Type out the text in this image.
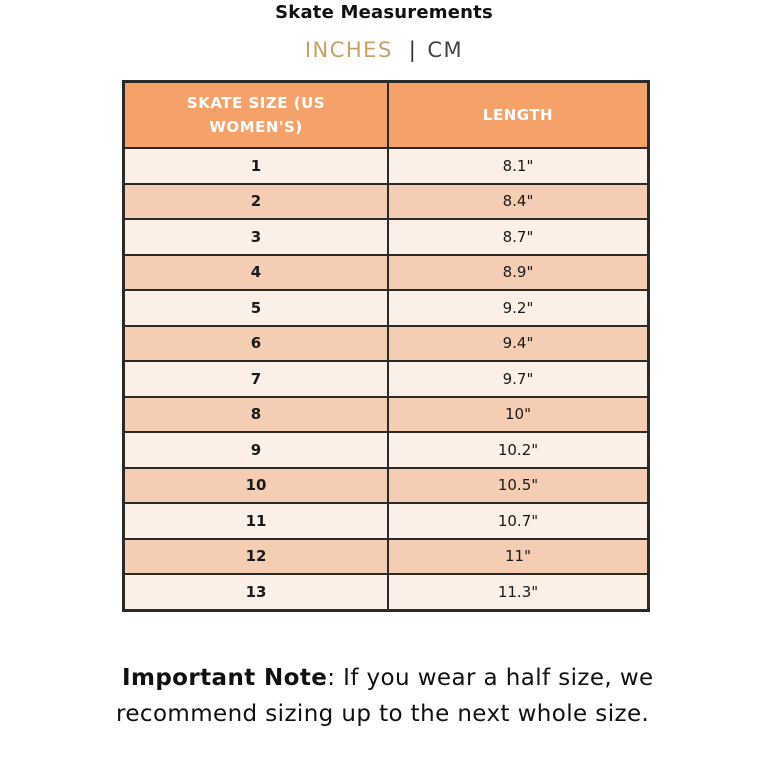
Skate Measurements
INCHES | CM
SKATE SIZE (US
WOMEN'S)	LENGTH
1	8.1"
2	8.4"
3	8.7"
4	8.9"
5	9.2"
6	9.4"
7	9.7"
8	10"
9	10.2"
10	10.5"
11	10.7"
12	11"
13	11.3"
Important Note: If you wear a half size, we recommend sizing up to the next whole size.
